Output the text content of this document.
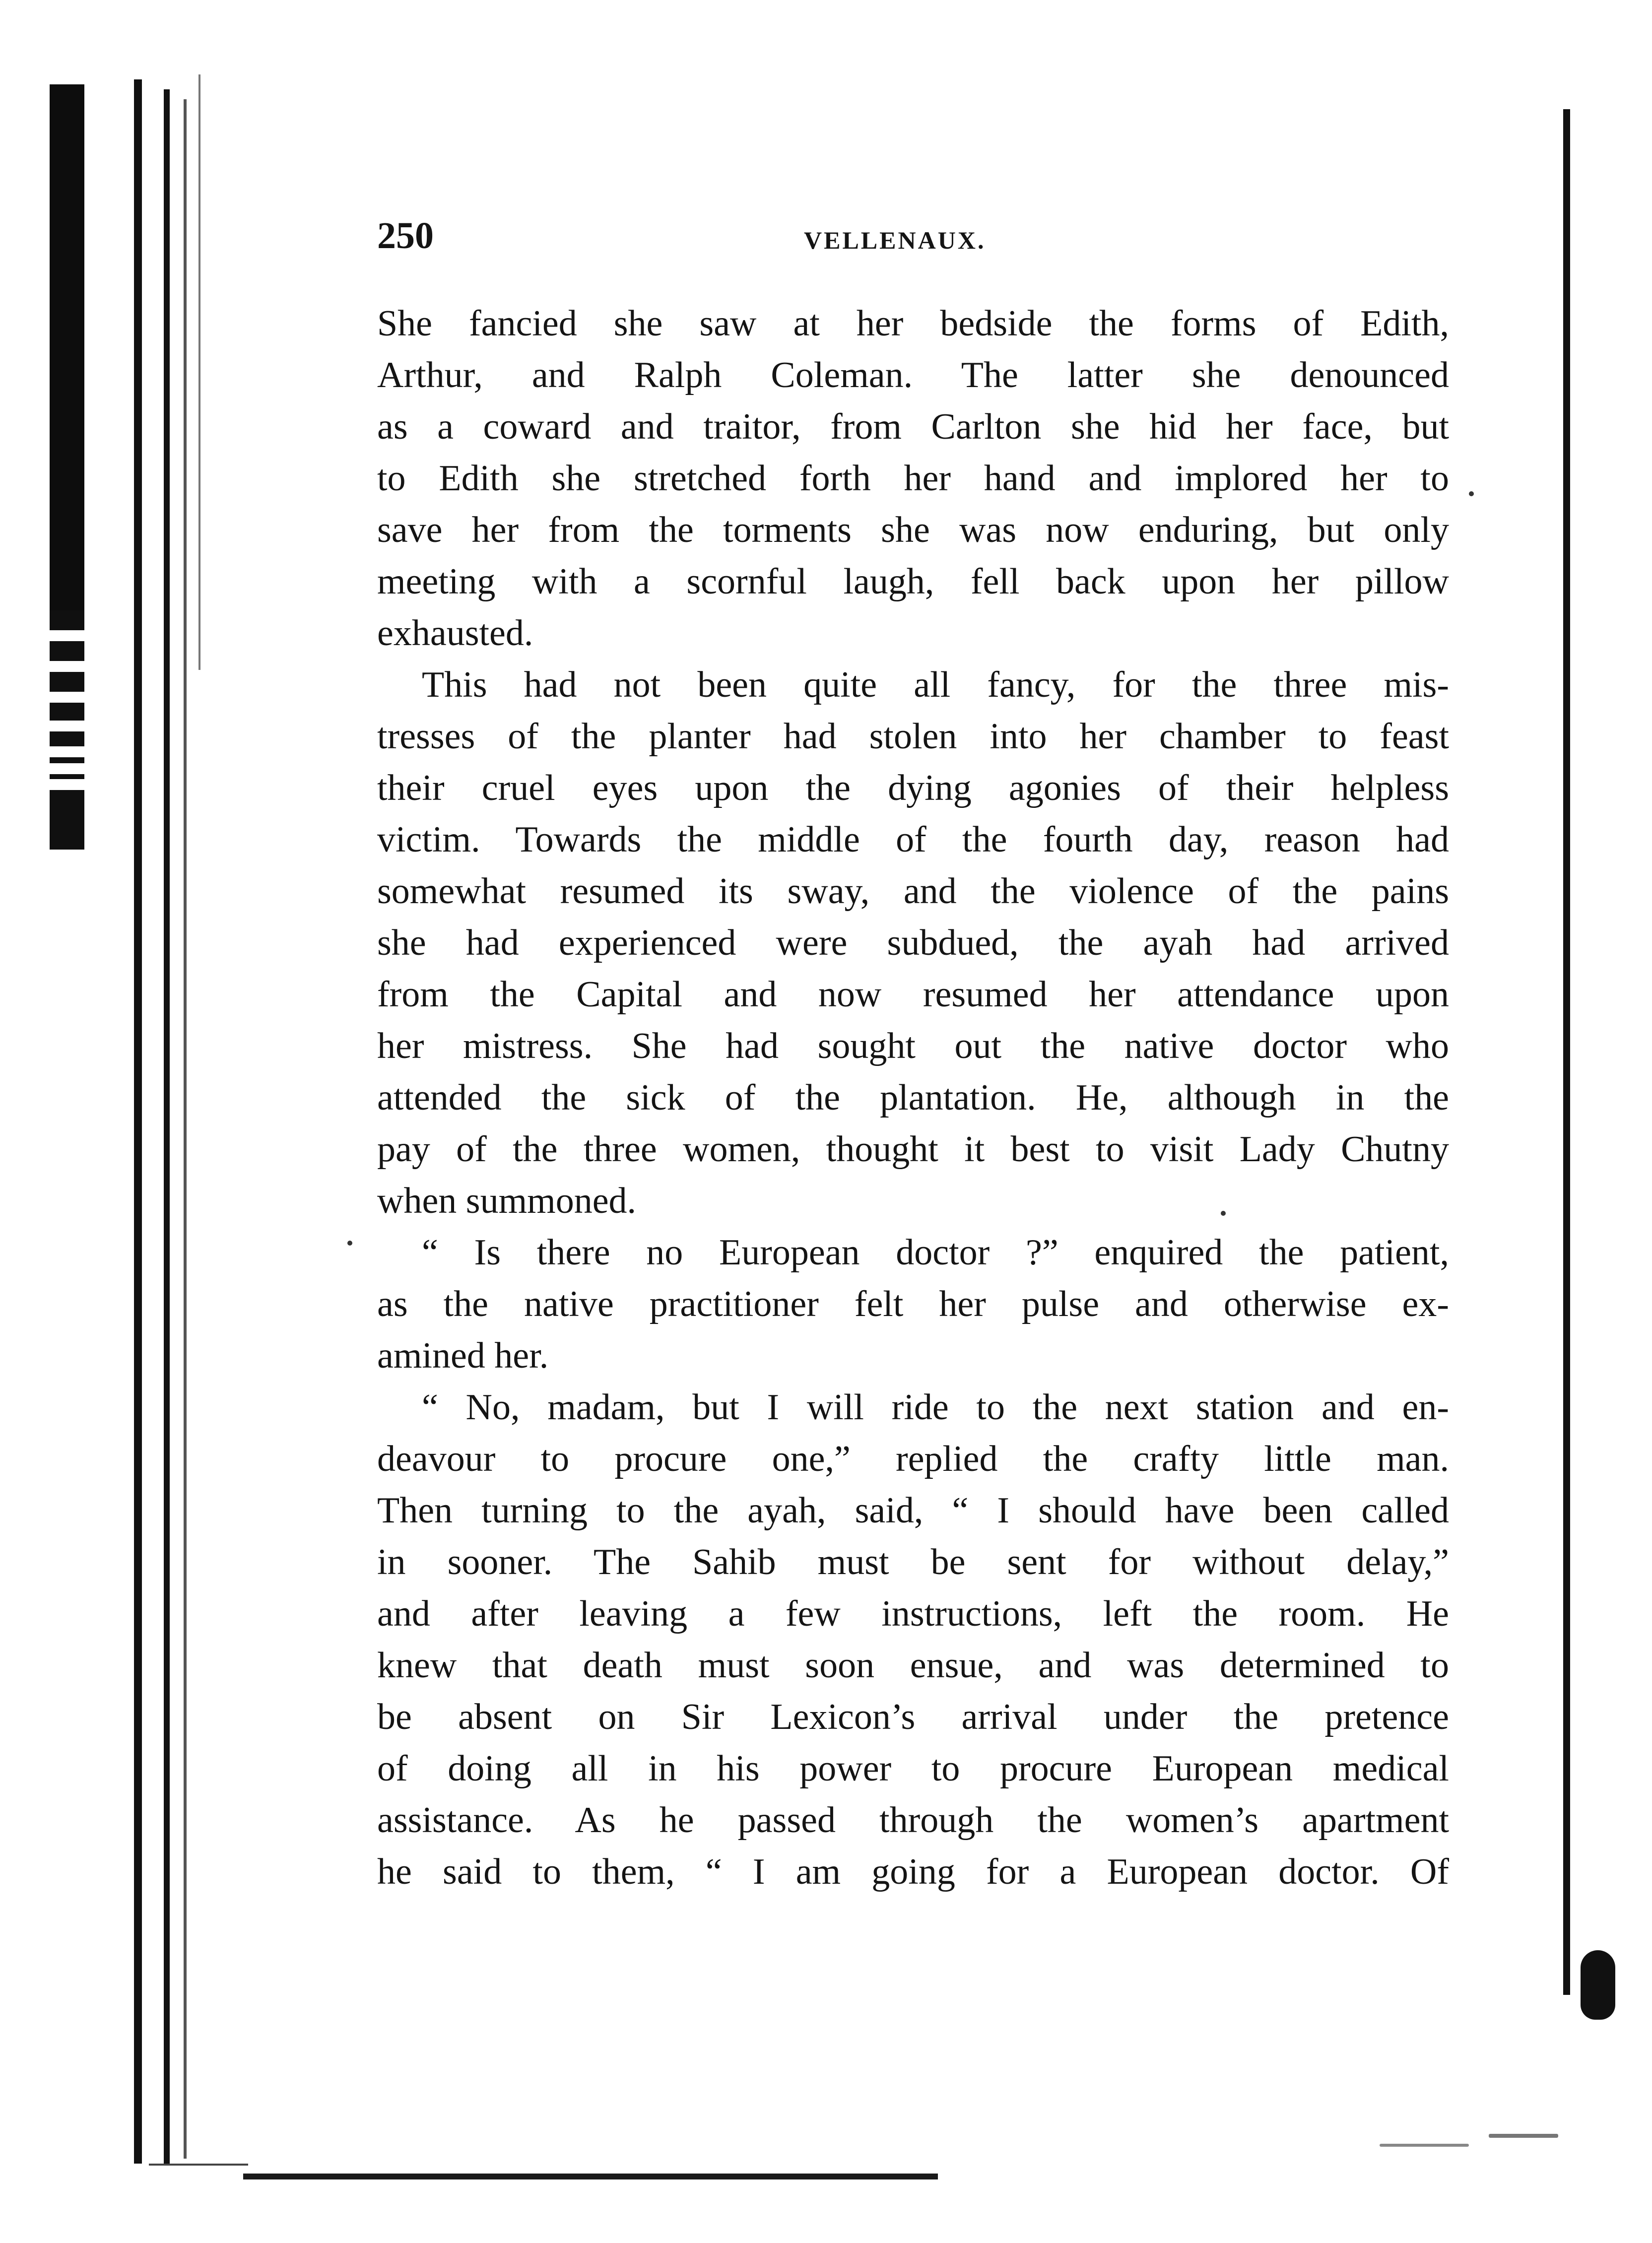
250	VELLENAUX.
She fancied she saw at her bedside the forms of Edith,
Arthur, and Ralph Coleman. The latter she denounced
as a coward and traitor, from Carlton she hid her face, but
to Edith she stretched forth her hand and implored her to
save her from the torments she was now enduring, but only
meeting with a scornful laugh, fell back upon her pillow
exhausted.
This had not been quite all fancy, for the three mis-
tresses of the planter had stolen into her chamber to feast
their cruel eyes upon the dying agonies of their helpless
victim. Towards the middle of the fourth day, reason had
somewhat resumed its sway, and the violence of the pains
she had experienced were subdued, the ayah had arrived
from the Capital and now resumed her attendance upon
her mistress. She had sought out the native doctor who
attended the sick of the plantation. He, although in the
pay of the three women, thought it best to visit Lady Chutny
when summoned.
“ Is there no European doctor ?” enquired the patient,
as the native practitioner felt her pulse and otherwise ex-
amined her.
“ No, madam, but I will ride to the next station and en-
deavour to procure one,” replied the crafty little man.
Then turning to the ayah, said, “ I should have been called
in sooner. The Sahib must be sent for without delay,”
and after leaving a few instructions, left the room. He
knew that death must soon ensue, and was determined to
be absent on Sir Lexicon’s arrival under the pretence
of doing all in his power to procure European medical
assistance. As he passed through the women’s apartment
he said to them, “ I am going for a European doctor. Of
